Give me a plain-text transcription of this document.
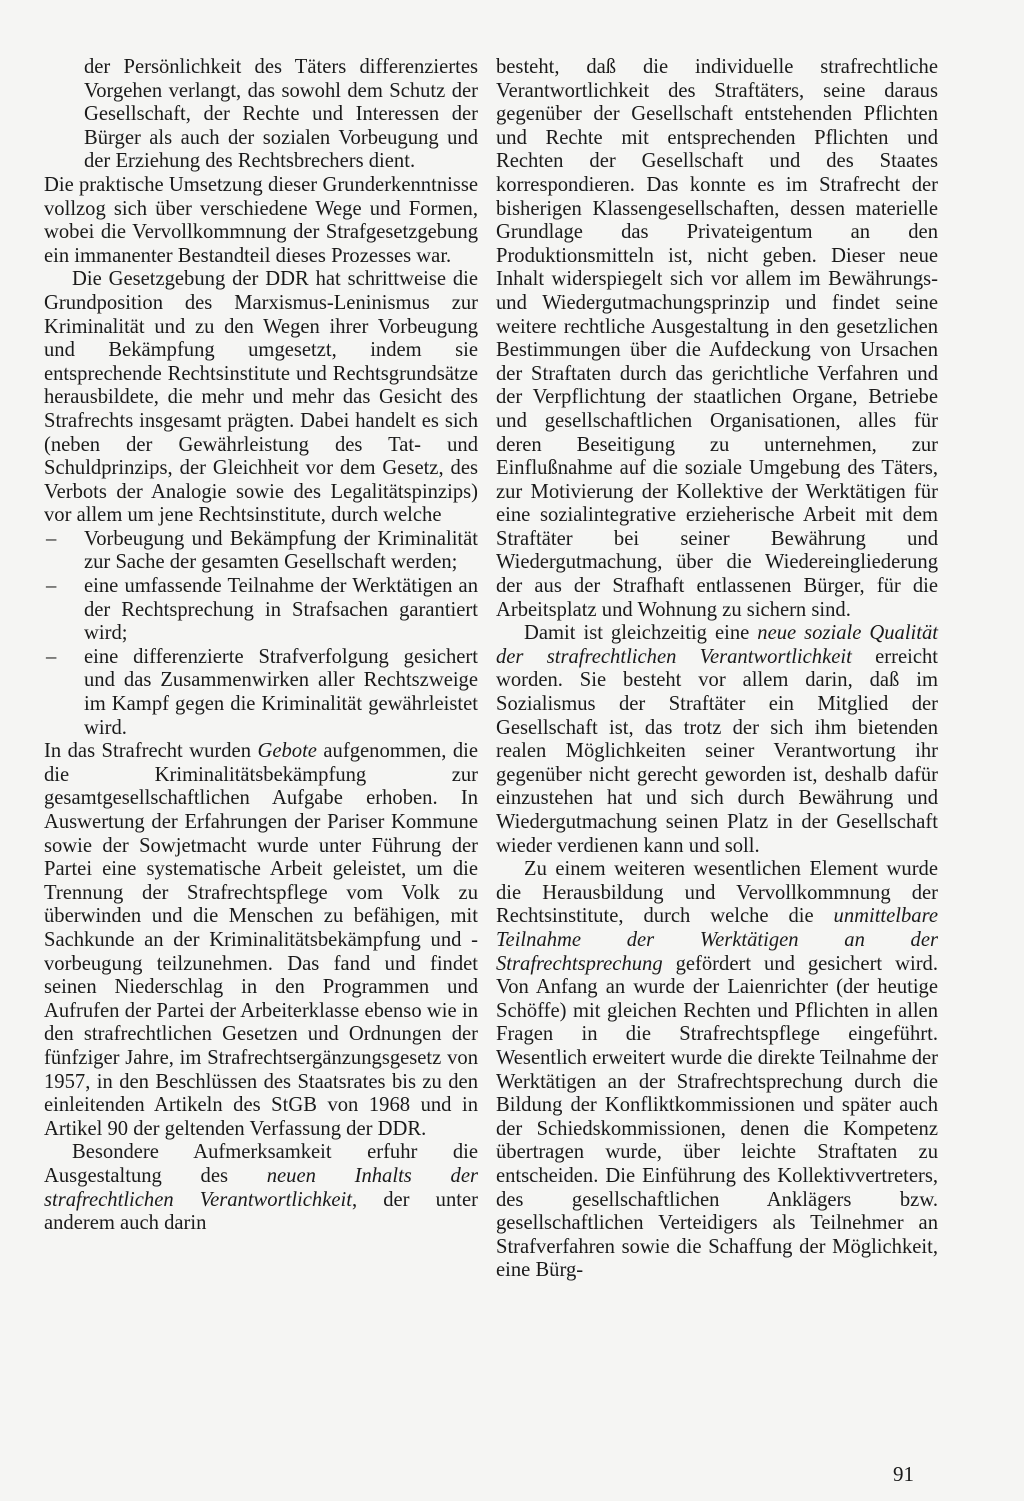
der Persönlichkeit des Täters differenziertes Vorgehen verlangt, das sowohl dem Schutz der Gesellschaft, der Rechte und Interessen der Bürger als auch der sozialen Vorbeugung und der Erziehung des Rechtsbrechers dient.

Die praktische Umsetzung dieser Grunderkenntnisse vollzog sich über verschiedene Wege und Formen, wobei die Vervollkommnung der Strafgesetzgebung ein immanenter Bestandteil dieses Prozesses war.

Die Gesetzgebung der DDR hat schrittweise die Grundposition des Marxismus-Leninismus zur Kriminalität und zu den Wegen ihrer Vorbeugung und Bekämpfung umgesetzt, indem sie entsprechende Rechtsinstitute und Rechtsgrundsätze herausbildete, die mehr und mehr das Gesicht des Strafrechts insgesamt prägten. Dabei handelt es sich (neben der Gewährleistung des Tat- und Schuldprinzips, der Gleichheit vor dem Gesetz, des Verbots der Analogie sowie des Legalitätspinzips) vor allem um jene Rechtsinstitute, durch welche

– Vorbeugung und Bekämpfung der Kriminalität zur Sache der gesamten Gesellschaft werden;
– eine umfassende Teilnahme der Werktätigen an der Rechtsprechung in Strafsachen garantiert wird;
– eine differenzierte Strafverfolgung gesichert und das Zusammenwirken aller Rechtszweige im Kampf gegen die Kriminalität gewährleistet wird.

In das Strafrecht wurden Gebote aufgenommen, die die Kriminalitätsbekämpfung zur gesamtgesellschaftlichen Aufgabe erhoben. In Auswertung der Erfahrungen der Pariser Kommune sowie der Sowjetmacht wurde unter Führung der Partei eine systematische Arbeit geleistet, um die Trennung der Strafrechtspflege vom Volk zu überwinden und die Menschen zu befähigen, mit Sachkunde an der Kriminalitätsbekämpfung und -vorbeugung teilzunehmen. Das fand und findet seinen Niederschlag in den Programmen und Aufrufen der Partei der Arbeiterklasse ebenso wie in den strafrechtlichen Gesetzen und Ordnungen der fünfziger Jahre, im Strafrechtsergänzungsgesetz von 1957, in den Beschlüssen des Staatsrates bis zu den einleitenden Artikeln des StGB von 1968 und in Artikel 90 der geltenden Verfassung der DDR.

Besondere Aufmerksamkeit erfuhr die Ausgestaltung des neuen Inhalts der strafrechtlichen Verantwortlichkeit, der unter anderem auch darin

besteht, daß die individuelle strafrechtliche Verantwortlichkeit des Straftäters, seine daraus gegenüber der Gesellschaft entstehenden Pflichten und Rechte mit entsprechenden Pflichten und Rechten der Gesellschaft und des Staates korrespondieren. Das konnte es im Strafrecht der bisherigen Klassengesellschaften, dessen materielle Grundlage das Privateigentum an den Produktionsmitteln ist, nicht geben. Dieser neue Inhalt widerspiegelt sich vor allem im Bewährungs- und Wiedergutmachungsprinzip und findet seine weitere rechtliche Ausgestaltung in den gesetzlichen Bestimmungen über die Aufdeckung von Ursachen der Straftaten durch das gerichtliche Verfahren und der Verpflichtung der staatlichen Organe, Betriebe und gesellschaftlichen Organisationen, alles für deren Beseitigung zu unternehmen, zur Einflußnahme auf die soziale Umgebung des Täters, zur Motivierung der Kollektive der Werktätigen für eine sozialintegrative erzieherische Arbeit mit dem Straftäter bei seiner Bewährung und Wiedergutmachung, über die Wiedereingliederung der aus der Strafhaft entlassenen Bürger, für die Arbeitsplatz und Wohnung zu sichern sind.

Damit ist gleichzeitig eine neue soziale Qualität der strafrechtlichen Verantwortlichkeit erreicht worden. Sie besteht vor allem darin, daß im Sozialismus der Straftäter ein Mitglied der Gesellschaft ist, das trotz der sich ihm bietenden realen Möglichkeiten seiner Verantwortung ihr gegenüber nicht gerecht geworden ist, deshalb dafür einzustehen hat und sich durch Bewährung und Wiedergutmachung seinen Platz in der Gesellschaft wieder verdienen kann und soll.

Zu einem weiteren wesentlichen Element wurde die Herausbildung und Vervollkommnung der Rechtsinstitute, durch welche die unmittelbare Teilnahme der Werktätigen an der Strafrechtsprechung gefördert und gesichert wird. Von Anfang an wurde der Laienrichter (der heutige Schöffe) mit gleichen Rechten und Pflichten in allen Fragen in die Strafrechtspflege eingeführt. Wesentlich erweitert wurde die direkte Teilnahme der Werktätigen an der Strafrechtsprechung durch die Bildung der Konfliktkommissionen und später auch der Schiedskommissionen, denen die Kompetenz übertragen wurde, über leichte Straftaten zu entscheiden. Die Einführung des Kollektivvertreters, des gesellschaftlichen Anklägers bzw. gesellschaftlichen Verteidigers als Teilnehmer an Strafverfahren sowie die Schaffung der Möglichkeit, eine Bürg-

91
